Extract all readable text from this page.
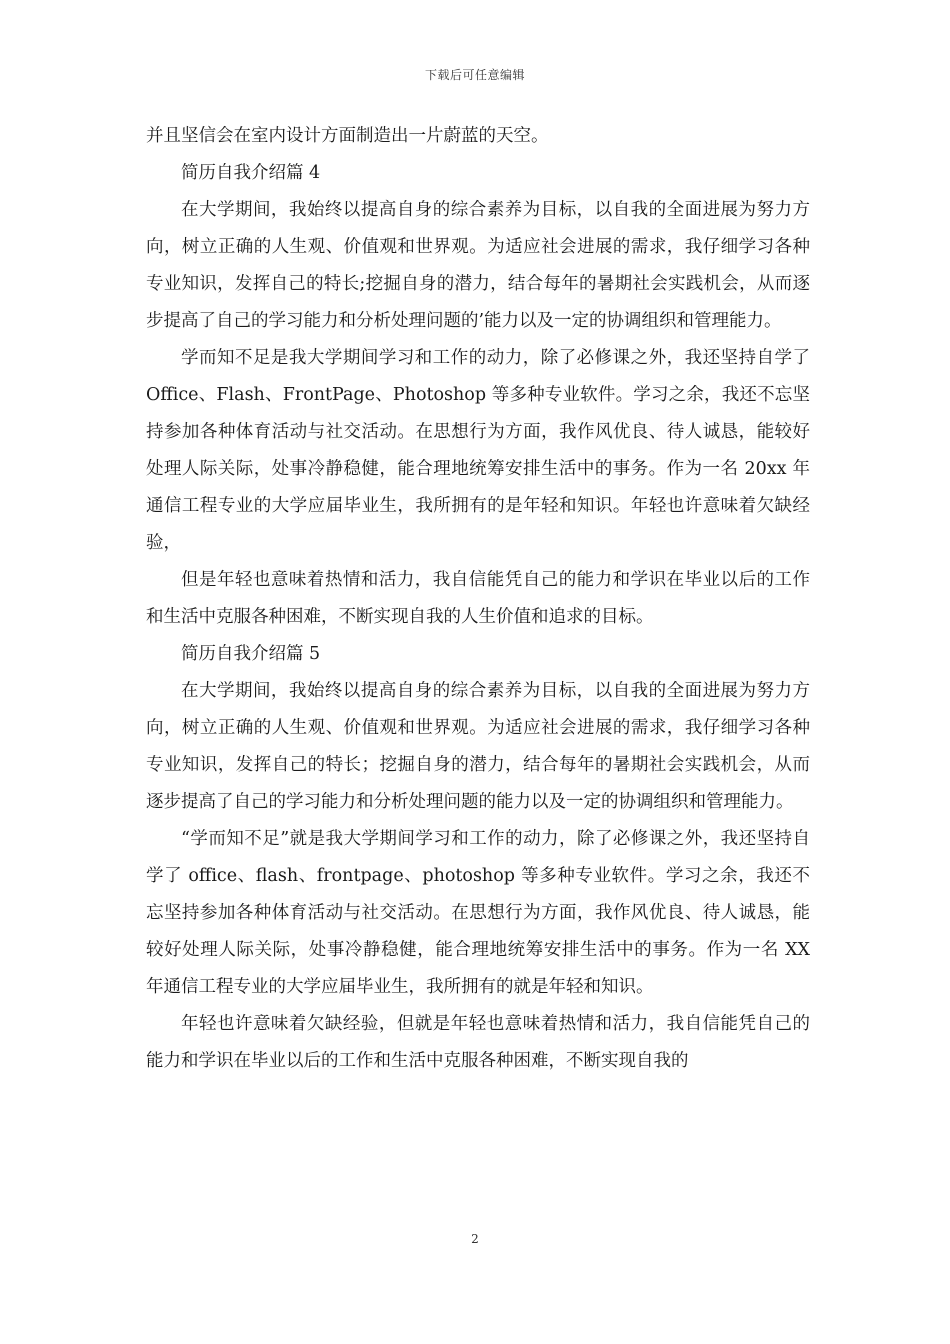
下载后可任意编辑

并且坚信会在室内设计方面制造出一片蔚蓝的天空。

简历自我介绍篇 4

在大学期间，我始终以提高自身的综合素养为目标，以自我的全面进展为努力方向，树立正确的人生观、价值观和世界观。为适应社会进展的需求，我仔细学习各种专业知识，发挥自己的特长;挖掘自身的潜力，结合每年的暑期社会实践机会，从而逐步提高了自己的学习能力和分析处理问题的’能力以及一定的协调组织和管理能力。

学而知不足是我大学期间学习和工作的动力，除了必修课之外，我还坚持自学了 Office、Flash、FrontPage、Photoshop 等多种专业软件。学习之余，我还不忘坚持参加各种体育活动与社交活动。在思想行为方面，我作风优良、待人诚恳，能较好处理人际关际，处事冷静稳健，能合理地统筹安排生活中的事务。作为一名 20xx 年通信工程专业的大学应届毕业生，我所拥有的是年轻和知识。年轻也许意味着欠缺经验，

但是年轻也意味着热情和活力，我自信能凭自己的能力和学识在毕业以后的工作和生活中克服各种困难，不断实现自我的人生价值和追求的目标。

简历自我介绍篇 5

在大学期间，我始终以提高自身的综合素养为目标，以自我的全面进展为努力方向，树立正确的人生观、价值观和世界观。为适应社会进展的需求，我仔细学习各种专业知识，发挥自己的特长；挖掘自身的潜力，结合每年的暑期社会实践机会，从而逐步提高了自己的学习能力和分析处理问题的能力以及一定的协调组织和管理能力。

“学而知不足”就是我大学期间学习和工作的动力，除了必修课之外，我还坚持自学了 office、flash、frontpage、photoshop 等多种专业软件。学习之余，我还不忘坚持参加各种体育活动与社交活动。在思想行为方面，我作风优良、待人诚恳，能较好处理人际关际，处事冷静稳健，能合理地统筹安排生活中的事务。作为一名 XX 年通信工程专业的大学应届毕业生，我所拥有的就是年轻和知识。

年轻也许意味着欠缺经验，但就是年轻也意味着热情和活力，我自信能凭自己的能力和学识在毕业以后的工作和生活中克服各种困难，不断实现自我的

2
